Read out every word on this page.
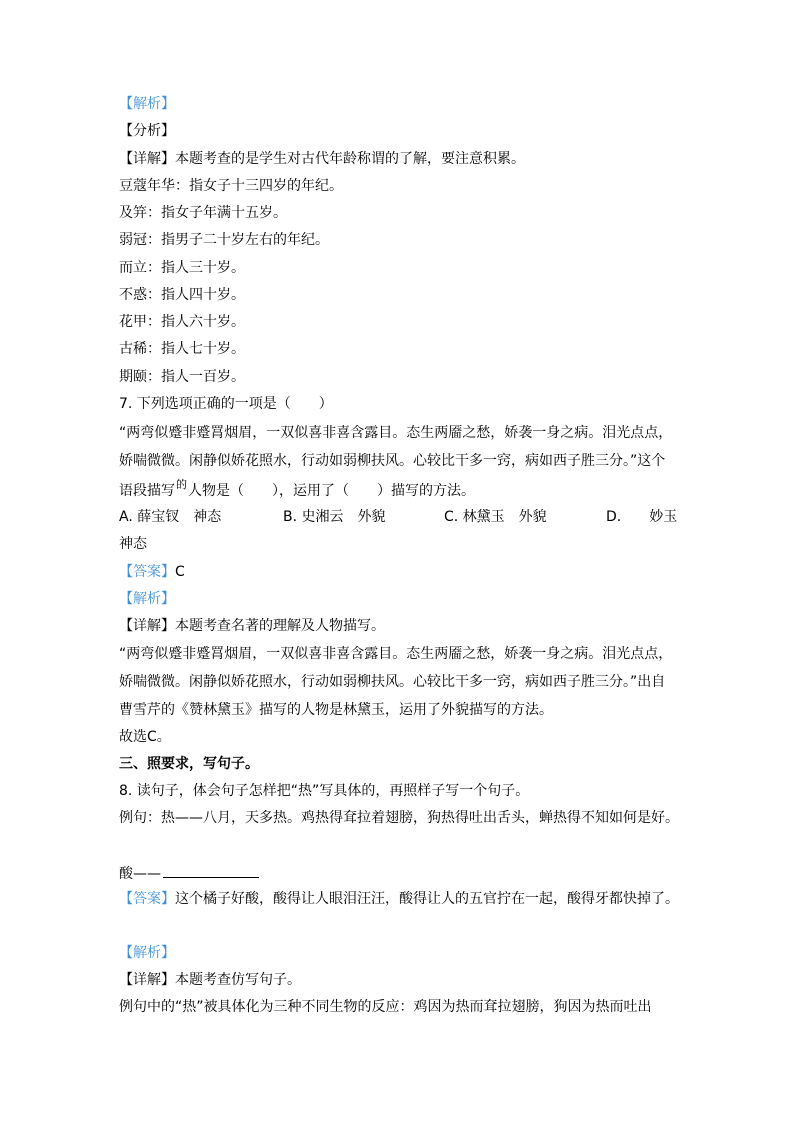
【解析】
【分析】
【详解】本题考查的是学生对古代年龄称谓的了解，要注意积累。
豆蔻年华：指女子十三四岁的年纪。
及笄：指女子年满十五岁。
弱冠：指男子二十岁左右的年纪。
而立：指人三十岁。
不惑：指人四十岁。
花甲：指人六十岁。
古稀：指人七十岁。
期颐：指人一百岁。
7. 下列选项正确的一项是（　　）
“两弯似蹙非蹙罥烟眉，一双似喜非喜含露目。态生两靥之愁，娇袭一身之病。泪光点点，
娇喘微微。闲静似娇花照水，行动如弱柳扶风。心较比干多一窍，病如西子胜三分。”这个
语段描写$^的$人物是（　　），运用了（　　）描写的方法。
A. 薛宝钗　神态	B. 史湘云　外貌	C. 林黛玉　外貌	D.　　妙玉
神态
【答案】C
【解析】
【详解】本题考查名著的理解及人物描写。
“两弯似蹙非蹙罥烟眉，一双似喜非喜含露目。态生两靥之愁，娇袭一身之病。泪光点点，
娇喘微微。闲静似娇花照水，行动如弱柳扶风。心较比干多一窍，病如西子胜三分。”出自
曹雪芹的《赞林黛玉》描写的人物是林黛玉，运用了外貌描写的方法。
故选C。
三、照要求，写句子。
8. 读句子，体会句子怎样把“热”写具体的，再照样子写一个句子。
例句：热——八月，天多热。鸡热得耷拉着翅膀，狗热得吐出舌头，蝉热得不知如何是好。
酸——
【答案】这个橘子好酸，酸得让人眼泪汪汪，酸得让人的五官拧在一起，酸得牙都快掉了。
【解析】
【详解】本题考查仿写句子。
例句中的“热”被具体化为三种不同生物的反应：鸡因为热而耷拉翅膀，狗因为热而吐出
